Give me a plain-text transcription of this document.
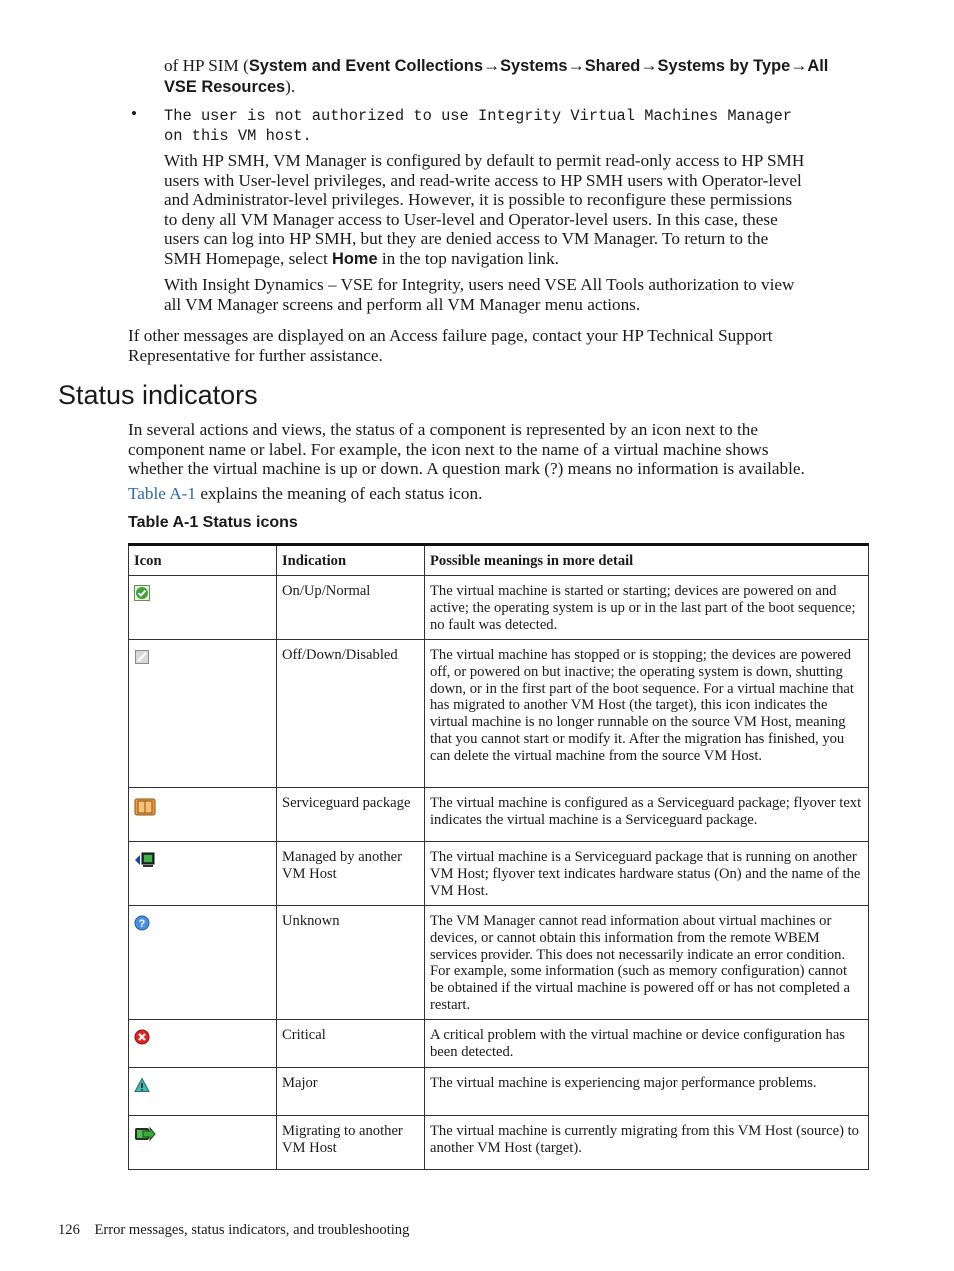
of HP SIM (System and Event Collections→Systems→Shared→Systems by Type→All
VSE Resources).
• The user is not authorized to use Integrity Virtual Machines Manager
on this VM host.
With HP SMH, VM Manager is configured by default to permit read-only access to HP SMH
users with User-level privileges, and read-write access to HP SMH users with Operator-level
and Administrator-level privileges. However, it is possible to reconfigure these permissions
to deny all VM Manager access to User-level and Operator-level users. In this case, these
users can log into HP SMH, but they are denied access to VM Manager. To return to the
SMH Homepage, select Home in the top navigation link.
With Insight Dynamics – VSE for Integrity, users need VSE All Tools authorization to view
all VM Manager screens and perform all VM Manager menu actions.
If other messages are displayed on an Access failure page, contact your HP Technical Support
Representative for further assistance.
Status indicators
In several actions and views, the status of a component is represented by an icon next to the
component name or label. For example, the icon next to the name of a virtual machine shows
whether the virtual machine is up or down. A question mark (?) means no information is available.
Table A-1 explains the meaning of each status icon.
Table A-1 Status icons
Icon	Indication	Possible meanings in more detail
	On/Up/Normal	The virtual machine is started or starting; devices are powered on and active; the operating system is up or in the last part of the boot sequence; no fault was detected.
	Off/Down/Disabled	The virtual machine has stopped or is stopping; the devices are powered off, or powered on but inactive; the operating system is down, shutting down, or in the first part of the boot sequence. For a virtual machine that has migrated to another VM Host (the target), this icon indicates the virtual machine is no longer runnable on the source VM Host, meaning that you cannot start or modify it. After the migration has finished, you can delete the virtual machine from the source VM Host.
	Serviceguard package	The virtual machine is configured as a Serviceguard package; flyover text indicates the virtual machine is a Serviceguard package.
	Managed by another VM Host	The virtual machine is a Serviceguard package that is running on another VM Host; flyover text indicates hardware status (On) and the name of the VM Host.

?	Unknown	The VM Manager cannot read information about virtual machines or devices, or cannot obtain this information from the remote WBEM services provider. This does not necessarily indicate an error condition. For example, some information (such as memory configuration) cannot be obtained if the virtual machine is powered off or has not completed a restart.
	Critical	A critical problem with the virtual machine or device configuration has been detected.
	Major	The virtual machine is experiencing major performance problems.
	Migrating to another VM Host	The virtual machine is currently migrating from this VM Host (source) to another VM Host (target).
126 Error messages, status indicators, and troubleshooting
